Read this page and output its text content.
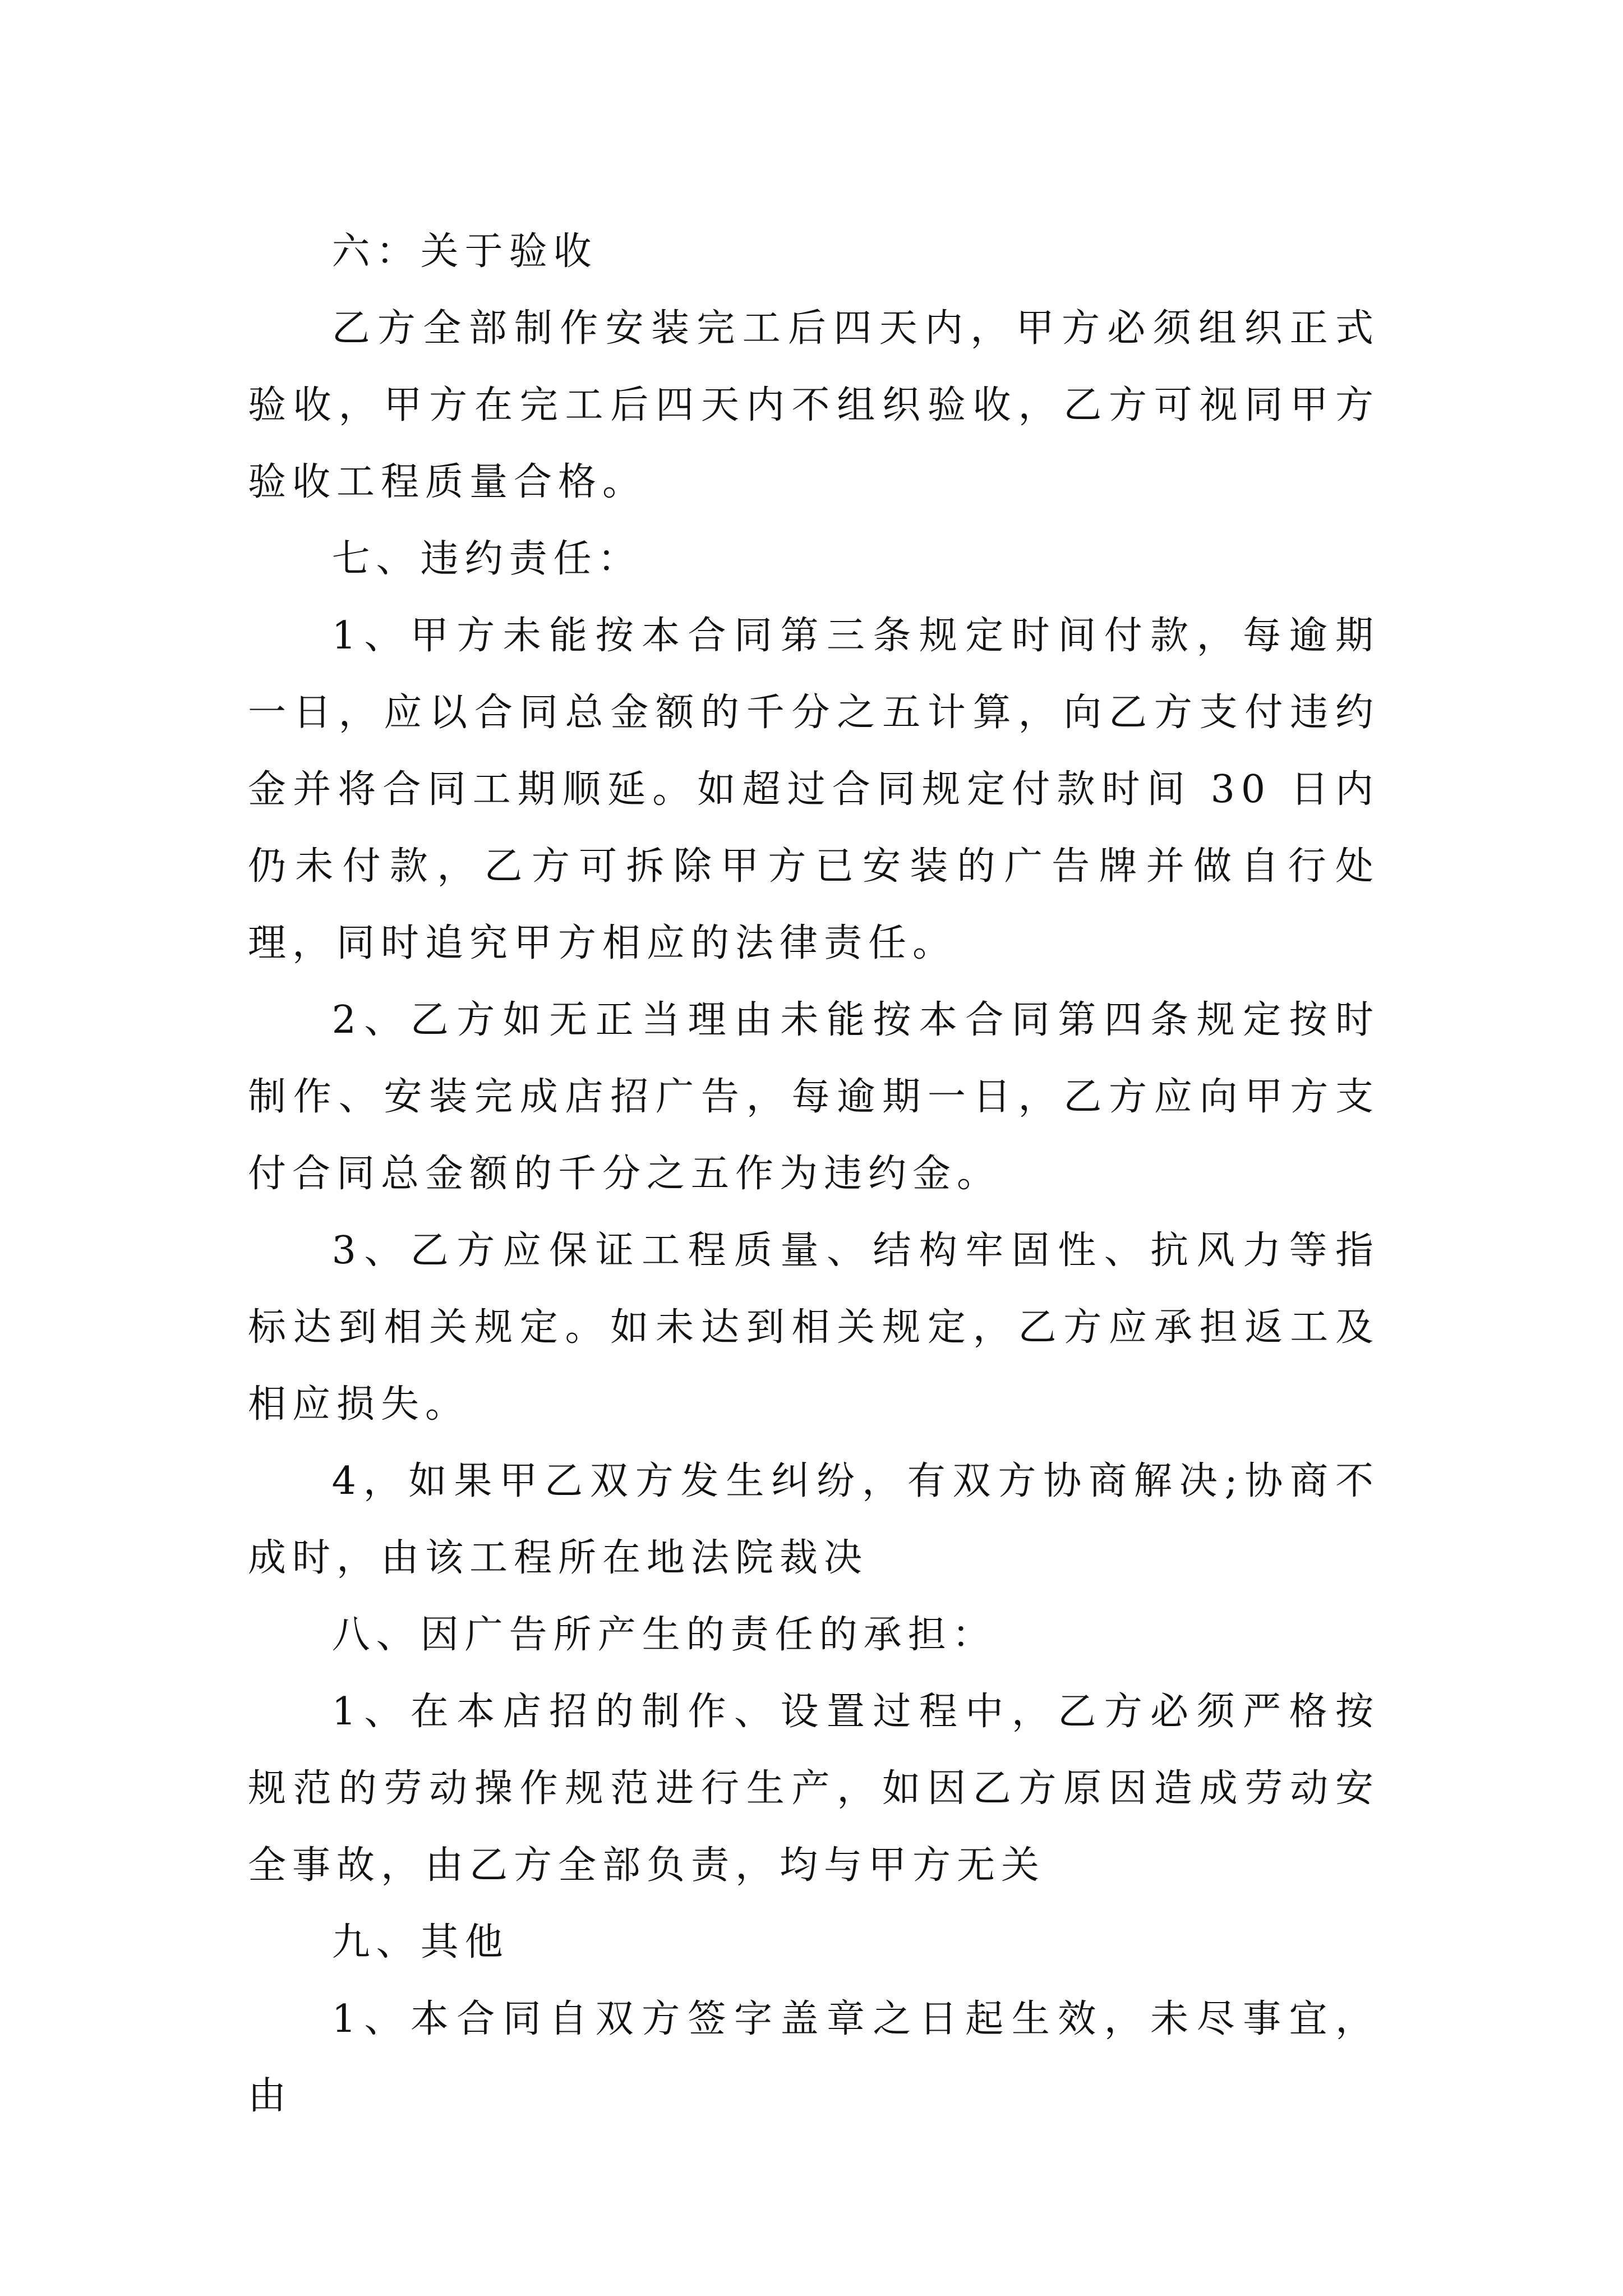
六：关于验收

乙方全部制作安装完工后四天内，甲方必须组织正式验收，甲方在完工后四天内不组织验收，乙方可视同甲方验收工程质量合格。

七、违约责任：

1、甲方未能按本合同第三条规定时间付款，每逾期一日，应以合同总金额的千分之五计算，向乙方支付违约金并将合同工期顺延。如超过合同规定付款时间 30 日内仍未付款，乙方可拆除甲方已安装的广告牌并做自行处理，同时追究甲方相应的法律责任。

2、乙方如无正当理由未能按本合同第四条规定按时制作、安装完成店招广告，每逾期一日，乙方应向甲方支付合同总金额的千分之五作为违约金。

3、乙方应保证工程质量、结构牢固性、抗风力等指标达到相关规定。如未达到相关规定，乙方应承担返工及相应损失。

4，如果甲乙双方发生纠纷，有双方协商解决;协商不成时，由该工程所在地法院裁决

八、因广告所产生的责任的承担：

1、在本店招的制作、设置过程中，乙方必须严格按规范的劳动操作规范进行生产，如因乙方原因造成劳动安全事故，由乙方全部负责，均与甲方无关

九、其他

1、本合同自双方签字盖章之日起生效，未尽事宜，由
